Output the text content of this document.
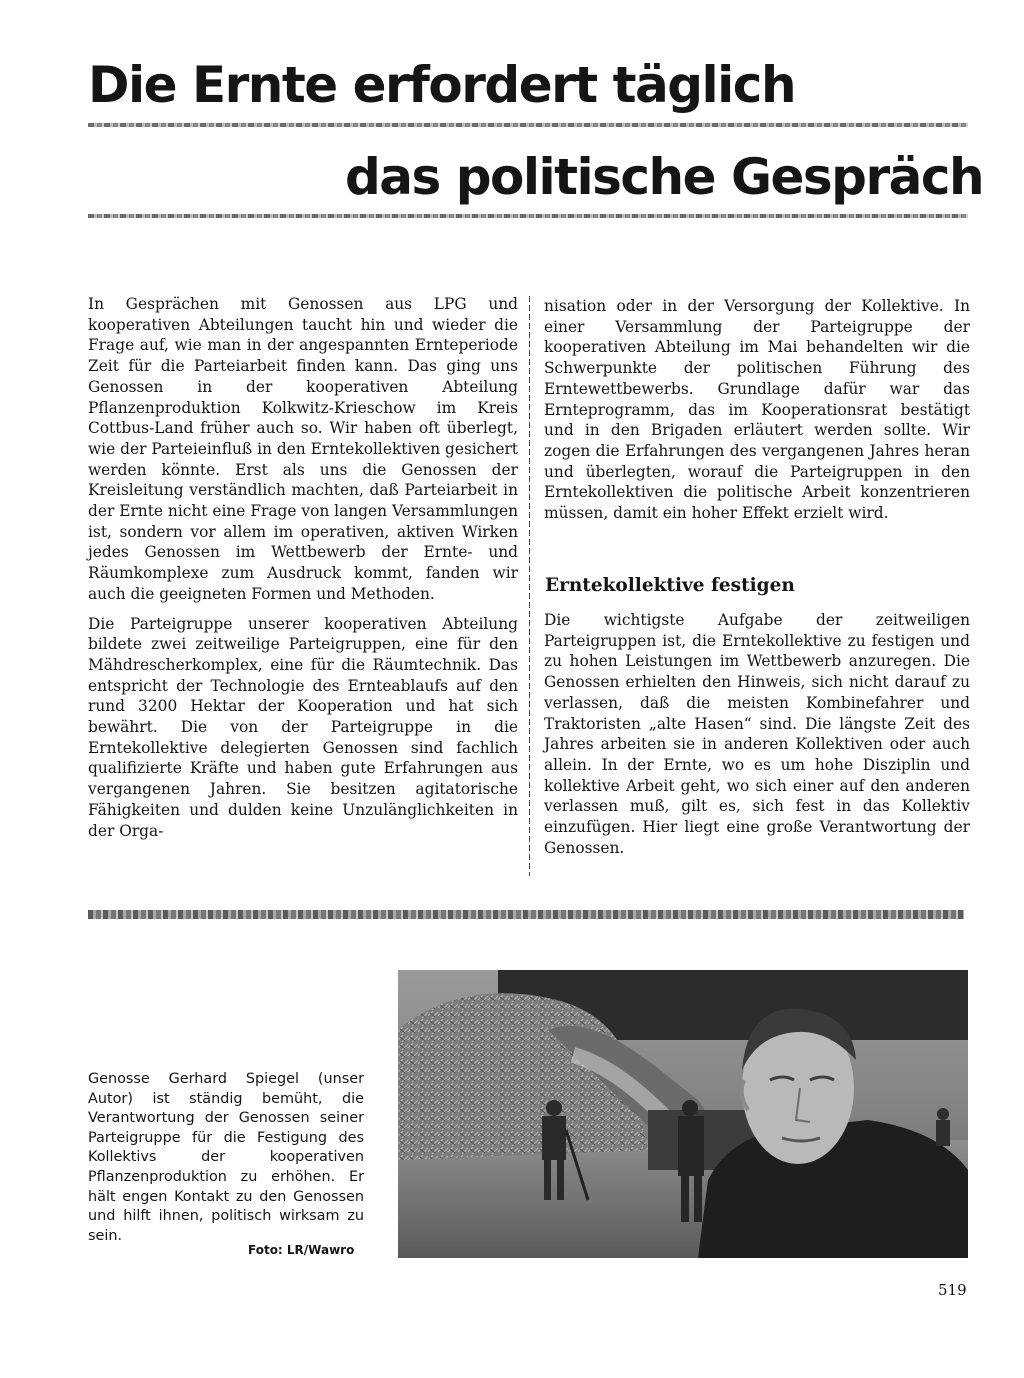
Die Ernte erfordert täglich
das politische Gespräch

In Gesprächen mit Genossen aus LPG und kooperativen Abteilungen taucht hin und wieder die Frage auf, wie man in der angespannten Ernteperiode Zeit für die Parteiarbeit finden kann. Das ging uns Genossen in der kooperativen Abteilung Pflanzenproduktion Kolkwitz-Krieschow im Kreis Cottbus-Land früher auch so. Wir haben oft überlegt, wie der Parteieinfluß in den Erntekollektiven gesichert werden könnte. Erst als uns die Genossen der Kreisleitung verständlich machten, daß Parteiarbeit in der Ernte nicht eine Frage von langen Versammlungen ist, sondern vor allem im operativen, aktiven Wirken jedes Genossen im Wettbewerb der Ernte- und Räumkomplexe zum Ausdruck kommt, fanden wir auch die geeigneten Formen und Methoden.

Die Parteigruppe unserer kooperativen Abteilung bildete zwei zeitweilige Parteigruppen, eine für den Mähdrescherkomplex, eine für die Räumtechnik. Das entspricht der Technologie des Ernteablaufs auf den rund 3200 Hektar der Kooperation und hat sich bewährt. Die von der Parteigruppe in die Erntekollektive delegierten Genossen sind fachlich qualifizierte Kräfte und haben gute Erfahrungen aus vergangenen Jahren. Sie besitzen agitatorische Fähigkeiten und dulden keine Unzulänglichkeiten in der Orga-

nisation oder in der Versorgung der Kollektive. In einer Versammlung der Parteigruppe der kooperativen Abteilung im Mai behandelten wir die Schwerpunkte der politischen Führung des Erntewettbewerbs. Grundlage dafür war das Ernteprogramm, das im Kooperationsrat bestätigt und in den Brigaden erläutert werden sollte. Wir zogen die Erfahrungen des vergangenen Jahres heran und überlegten, worauf die Parteigruppen in den Erntekollektiven die politische Arbeit konzentrieren müssen, damit ein hoher Effekt erzielt wird.

Erntekollektive festigen

Die wichtigste Aufgabe der zeitweiligen Parteigruppen ist, die Erntekollektive zu festigen und zu hohen Leistungen im Wettbewerb anzuregen. Die Genossen erhielten den Hinweis, sich nicht darauf zu verlassen, daß die meisten Kombinefahrer und Traktoristen „alte Hasen“ sind. Die längste Zeit des Jahres arbeiten sie in anderen Kollektiven oder auch allein. In der Ernte, wo es um hohe Disziplin und kollektive Arbeit geht, wo sich einer auf den anderen verlassen muß, gilt es, sich fest in das Kollektiv einzufügen. Hier liegt eine große Verantwortung der Genossen.

Genosse Gerhard Spiegel (unser Autor) ist ständig bemüht, die Verantwortung der Genossen seiner Parteigruppe für die Festigung des Kollektivs der kooperativen Pflanzenproduktion zu erhöhen. Er hält engen Kontakt zu den Genossen und hilft ihnen, politisch wirksam zu sein.
Foto: LR/Wawro
519
